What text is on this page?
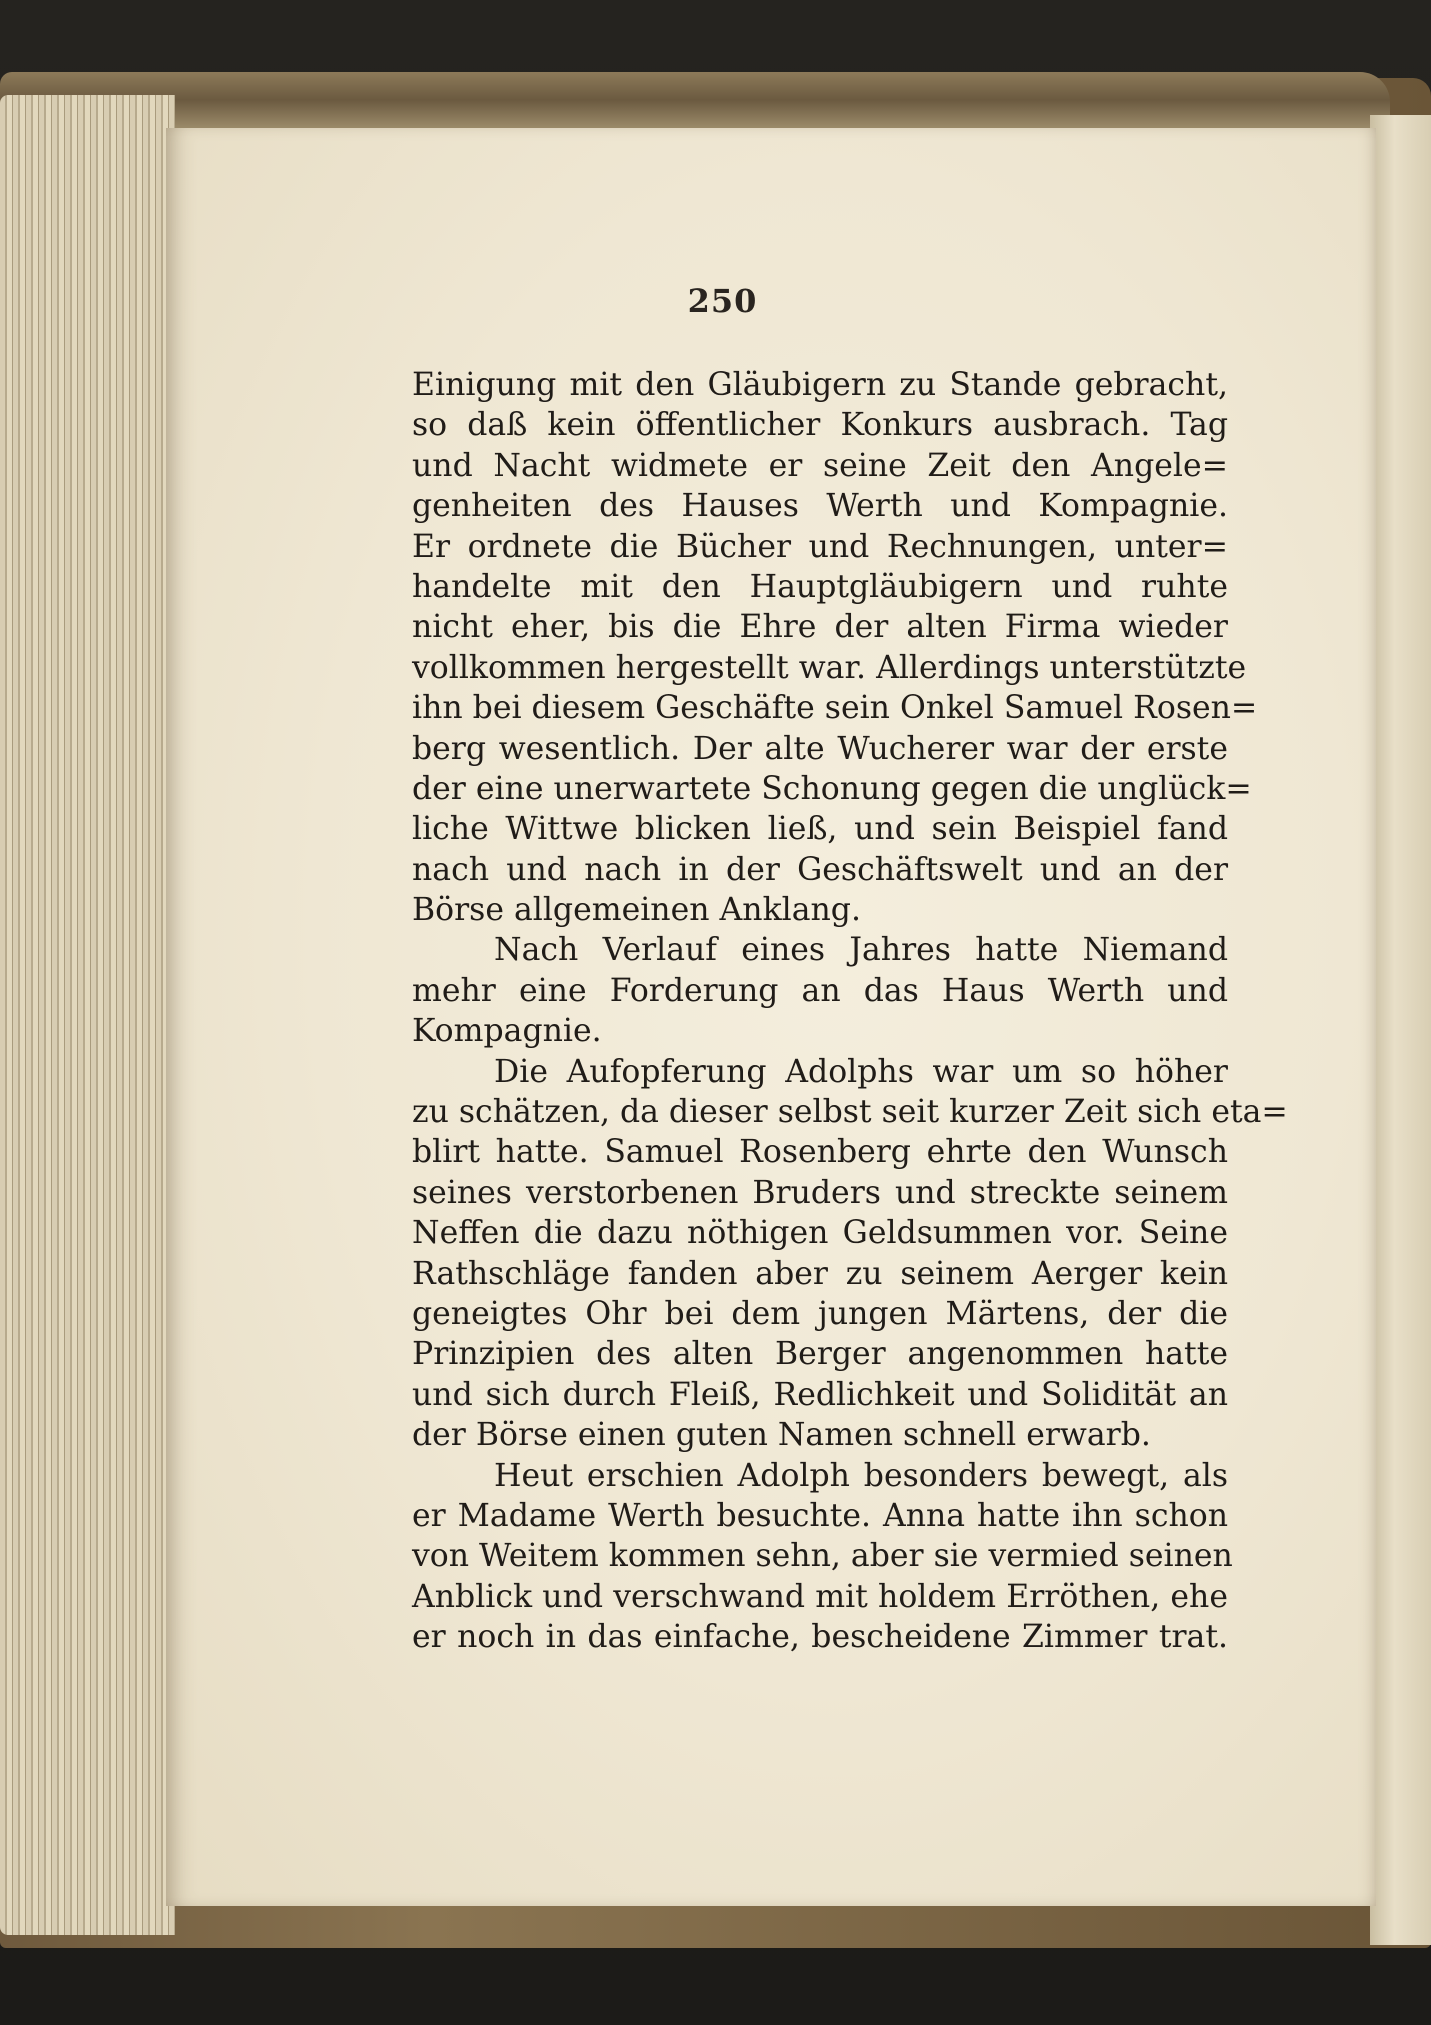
250
Einigung mit den Gläubigern zu Stande gebracht,
so daß kein öffentlicher Konkurs ausbrach. Tag
und Nacht widmete er seine Zeit den Angele=
genheiten des Hauses Werth und Kompagnie.
Er ordnete die Bücher und Rechnungen, unter=
handelte mit den Hauptgläubigern und ruhte
nicht eher, bis die Ehre der alten Firma wieder
vollkommen hergestellt war. Allerdings unterstützte
ihn bei diesem Geschäfte sein Onkel Samuel Rosen=
berg wesentlich. Der alte Wucherer war der erste
der eine unerwartete Schonung gegen die unglück=
liche Wittwe blicken ließ, und sein Beispiel fand
nach und nach in der Geschäftswelt und an der
Börse allgemeinen Anklang.
Nach Verlauf eines Jahres hatte Niemand
mehr eine Forderung an das Haus Werth und
Kompagnie.
Die Aufopferung Adolphs war um so höher
zu schätzen, da dieser selbst seit kurzer Zeit sich eta=
blirt hatte. Samuel Rosenberg ehrte den Wunsch
seines verstorbenen Bruders und streckte seinem
Neffen die dazu nöthigen Geldsummen vor. Seine
Rathschläge fanden aber zu seinem Aerger kein
geneigtes Ohr bei dem jungen Märtens, der die
Prinzipien des alten Berger angenommen hatte
und sich durch Fleiß, Redlichkeit und Solidität an
der Börse einen guten Namen schnell erwarb.
Heut erschien Adolph besonders bewegt, als
er Madame Werth besuchte. Anna hatte ihn schon
von Weitem kommen sehn, aber sie vermied seinen
Anblick und verschwand mit holdem Erröthen, ehe
er noch in das einfache, bescheidene Zimmer trat.
